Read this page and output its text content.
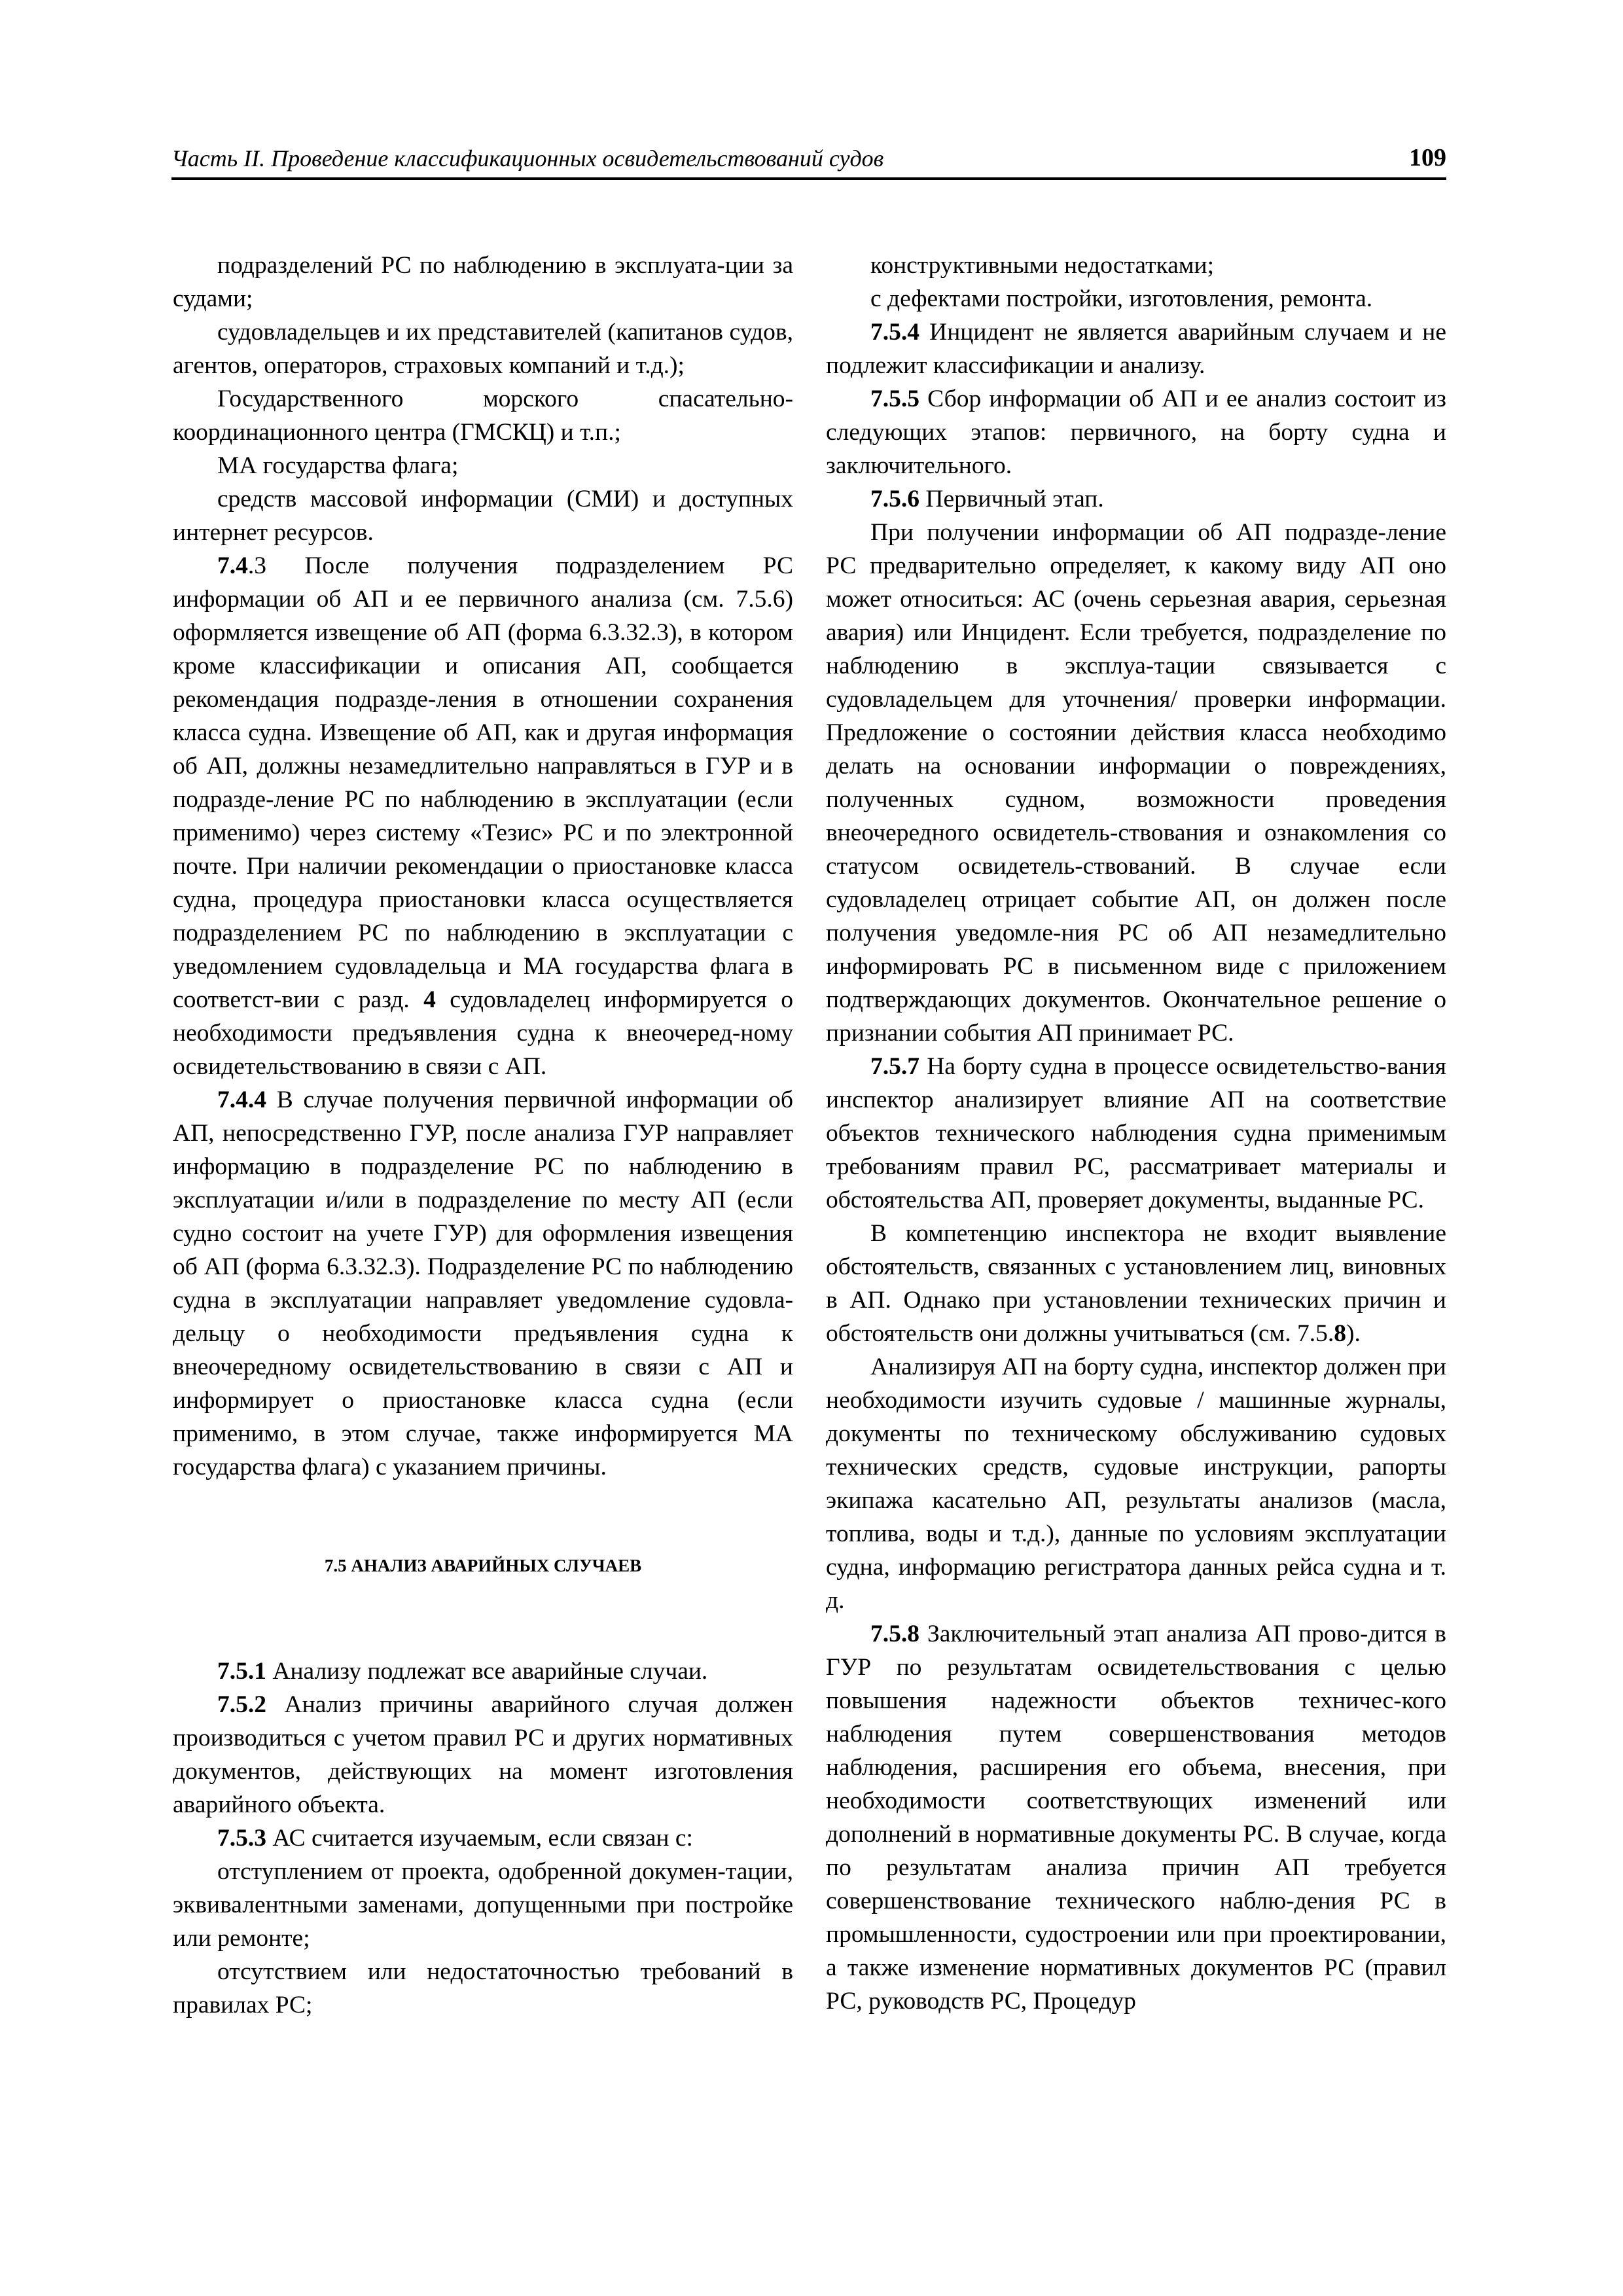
Часть II. Проведение классификационных освидетельствований судов	109

подразделений РС по наблюдению в эксплуата-ции за судами;

судовладельцев и их представителей (капитанов судов, агентов, операторов, страховых компаний и т.д.);

Государственного морского спасательно-координационного центра (ГМСКЦ) и т.п.;

МА государства флага;

средств массовой информации (СМИ) и доступных интернет ресурсов.

7.4.3 После получения подразделением РС информации об АП и ее первичного анализа (см. 7.5.6) оформляется извещение об АП (форма 6.3.32.3), в котором кроме классификации и описания АП, сообщается рекомендация подразде-ления в отношении сохранения класса судна. Извещение об АП, как и другая информация об АП, должны незамедлительно направляться в ГУР и в подразде-ление РС по наблюдению в эксплуатации (если применимо) через систему «Тезис» РС и по электронной почте. При наличии рекомендации о приостановке класса судна, процедура приостановки класса осуществляется подразделением РС по наблюдению в эксплуатации с уведомлением судовладельца и МА государства флага в соответст-вии с разд. 4 судовладелец информируется о необходимости предъявления судна к внеочеред-ному освидетельствованию в связи с АП.

7.4.4 В случае получения первичной информации об АП, непосредственно ГУР, после анализа ГУР направляет информацию в подразделение РС по наблюдению в эксплуатации и/или в подразделение по месту АП (если судно состоит на учете ГУР) для оформления извещения об АП (форма 6.3.32.3). Подразделение РС по наблюдению судна в эксплуатации направляет уведомление судовла-дельцу о необходимости предъявления судна к внеочередному освидетельствованию в связи с АП и информирует о приостановке класса судна (если применимо, в этом случае, также информируется МА государства флага) с указанием причины.

7.5 АНАЛИЗ АВАРИЙНЫХ СЛУЧАЕВ

7.5.1 Анализу подлежат все аварийные случаи.

7.5.2 Анализ причины аварийного случая должен производиться с учетом правил РС и других нормативных документов, действующих на момент изготовления аварийного объекта.

7.5.3 АС считается изучаемым, если связан с:

отступлением от проекта, одобренной докумен-тации, эквивалентными заменами, допущенными при постройке или ремонте;

отсутствием или недостаточностью требований в правилах РС;

конструктивными недостатками;

с дефектами постройки, изготовления, ремонта.

7.5.4 Инцидент не является аварийным случаем и не подлежит классификации и анализу.

7.5.5 Сбор информации об АП и ее анализ состоит из следующих этапов: первичного, на борту судна и заключительного.

7.5.6 Первичный этап.

При получении информации об АП подразде-ление РС предварительно определяет, к какому виду АП оно может относиться: АС (очень серьезная авария, серьезная авария) или Инцидент. Если требуется, подразделение по наблюдению в эксплуа-тации связывается с судовладельцем для уточнения/ проверки информации. Предложение о состоянии действия класса необходимо делать на основании информации о повреждениях, полученных судном, возможности проведения внеочередного освидетель-ствования и ознакомления со статусом освидетель-ствований. В случае если судовладелец отрицает событие АП, он должен после получения уведомле-ния РС об АП незамедлительно информировать РС в письменном виде с приложением подтверждающих документов. Окончательное решение о признании события АП принимает РС.

7.5.7 На борту судна в процессе освидетельство-вания инспектор анализирует влияние АП на соответствие объектов технического наблюдения судна применимым требованиям правил РС, рассматривает материалы и обстоятельства АП, проверяет документы, выданные РС.

В компетенцию инспектора не входит выявление обстоятельств, связанных с установлением лиц, виновных в АП. Однако при установлении технических причин и обстоятельств они должны учитываться (см. 7.5.8).

Анализируя АП на борту судна, инспектор должен при необходимости изучить судовые / машинные журналы, документы по техническому обслуживанию судовых технических средств, судовые инструкции, рапорты экипажа касательно АП, результаты анализов (масла, топлива, воды и т.д.), данные по условиям эксплуатации судна, информацию регистратора данных рейса судна и т. д.

7.5.8 Заключительный этап анализа АП прово-дится в ГУР по результатам освидетельствования с целью повышения надежности объектов техничес-кого наблюдения путем совершенствования методов наблюдения, расширения его объема, внесения, при необходимости соответствующих изменений или дополнений в нормативные документы РС. В случае, когда по результатам анализа причин АП требуется совершенствование технического наблю-дения РС в промышленности, судостроении или при проектировании, а также изменение нормативных документов РС (правил РС, руководств РС, Процедур
